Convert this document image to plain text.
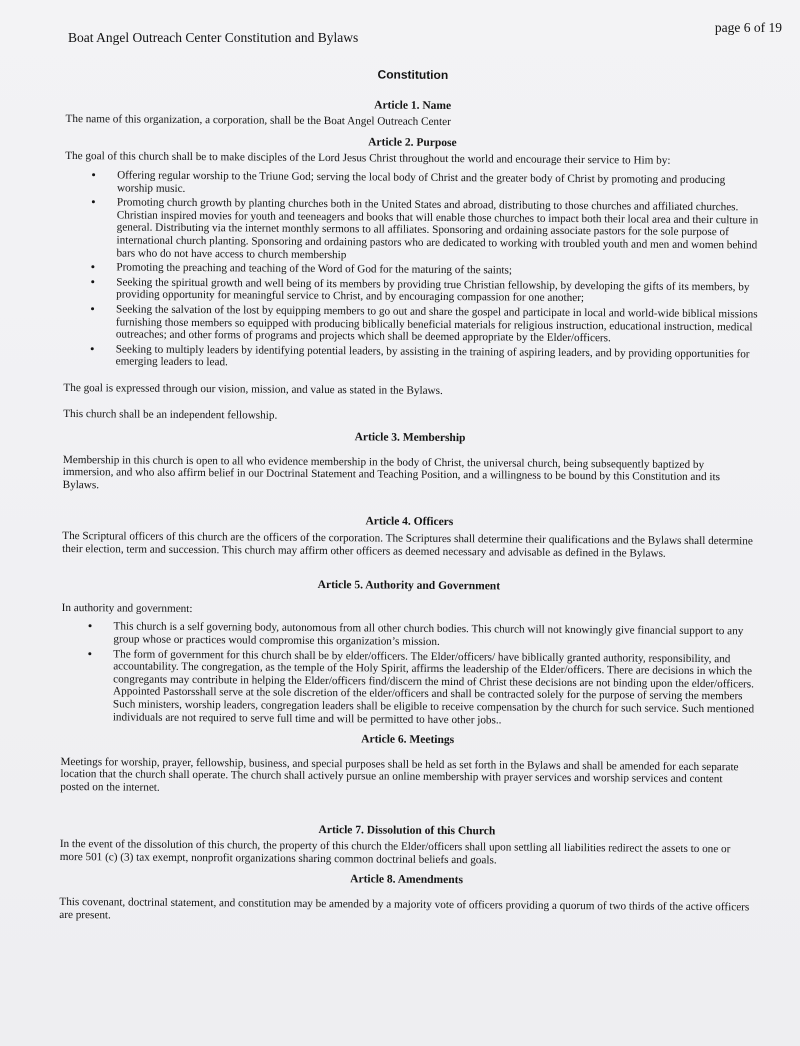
Boat Angel Outreach Center Constitution and Bylaws
page 6 of 19
Constitution
Article 1. Name

The name of this organization, a corporation, shall be the Boat Angel Outreach Center

Article 2. Purpose

The goal of this church shall be to make disciples of the Lord Jesus Christ throughout the world and encourage their service to Him by:

• Offering regular worship to the Triune God; serving the local body of Christ and the greater body of Christ by promoting and producing worship music.
• Promoting church growth by planting churches both in the United States and abroad, distributing to those churches and affiliated churches. Christian inspired movies for youth and teeneagers and books that will enable those churches to impact both their local area and their culture in general. Distributing via the internet monthly sermons to all affiliates. Sponsoring and ordaining associate pastors for the sole purpose of international church planting. Sponsoring and ordaining pastors who are dedicated to working with troubled youth and men and women behind bars who do not have access to church membership
• Promoting the preaching and teaching of the Word of God for the maturing of the saints;
• Seeking the spiritual growth and well being of its members by providing true Christian fellowship, by developing the gifts of its members, by providing opportunity for meaningful service to Christ, and by encouraging compassion for one another;
• Seeking the salvation of the lost by equipping members to go out and share the gospel and participate in local and world-wide biblical missions furnishing those members so equipped with producing biblically beneficial materials for religious instruction, educational instruction, medical outreaches; and other forms of programs and projects which shall be deemed appropriate by the Elder/officers.
• Seeking to multiply leaders by identifying potential leaders, by assisting in the training of aspiring leaders, and by providing opportunities for emerging leaders to lead.

The goal is expressed through our vision, mission, and value as stated in the Bylaws.

This church shall be an independent fellowship.

Article 3. Membership

Membership in this church is open to all who evidence membership in the body of Christ, the universal church, being subsequently baptized by immersion, and who also affirm belief in our Doctrinal Statement and Teaching Position, and a willingness to be bound by this Constitution and its Bylaws.

Article 4. Officers

The Scriptural officers of this church are the officers of the corporation. The Scriptures shall determine their qualifications and the Bylaws shall determine their election, term and succession. This church may affirm other officers as deemed necessary and advisable as defined in the Bylaws.

Article 5. Authority and Government

In authority and government:

• This church is a self governing body, autonomous from all other church bodies. This church will not knowingly give financial support to any group whose or practices would compromise this organization’s mission.
• The form of government for this church shall be by elder/officers. The Elder/officers/ have biblically granted authority, responsibility, and accountability. The congregation, as the temple of the Holy Spirit, affirms the leadership of the Elder/officers. There are decisions in which the congregants may contribute in helping the Elder/officers find/discern the mind of Christ these decisions are not binding upon the elder/officers. Appointed Pastorsshall serve at the sole discretion of the elder/officers and shall be contracted solely for the purpose of serving the members Such ministers, worship leaders, congregation leaders shall be eligible to receive compensation by the church for such service. Such mentioned individuals are not required to serve full time and will be permitted to have other jobs..
Article 6. Meetings

Meetings for worship, prayer, fellowship, business, and special purposes shall be held as set forth in the Bylaws and shall be amended for each separate location that the church shall operate. The church shall actively pursue an online membership with prayer services and worship services and content posted on the internet.

Article 7. Dissolution of this Church

In the event of the dissolution of this church, the property of this church the Elder/officers shall upon settling all liabilities redirect the assets to one or more 501 (c) (3) tax exempt, nonprofit organizations sharing common doctrinal beliefs and goals.

Article 8. Amendments

This covenant, doctrinal statement, and constitution may be amended by a majority vote of officers providing a quorum of two thirds of the active officers are present.
